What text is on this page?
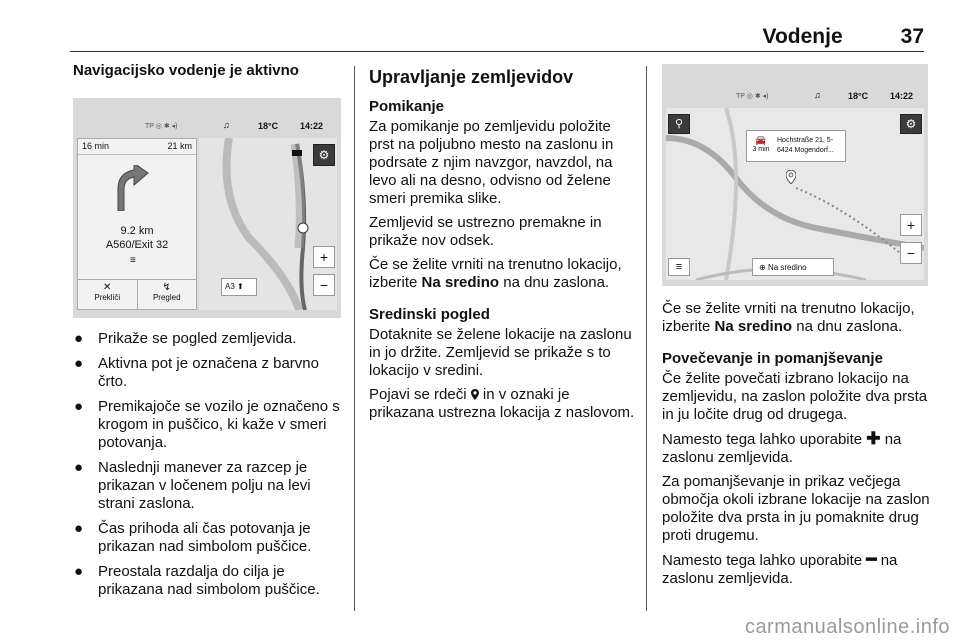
Vodenje	37
Navigacijsko vodenje je aktivno
TP ◎ ✱ ◂)	♫	18°C 14:22
16 min	21 km
9.2 km
A560/Exit 32
≡
✕
Prekliči
↯
Pregled
⚙
+
−
A3 ⬆
● Prikaže se pogled zemljevida.
● Aktivna pot je označena z barvno črto.
● Premikajoče se vozilo je označeno s krogom in puščico, ki kaže v smeri potovanja.
● Naslednji manever za razcep je prikazan v ločenem polju na levi strani zaslona.
● Čas prihoda ali čas potovanja je prikazan nad simbolom puščice.
● Preostala razdalja do cilja je prikazana nad simbolom puščice.
Upravljanje zemljevidov
Pomikanje

Za pomikanje po zemljevidu položite prst na poljubno mesto na zaslonu in podrsate z njim navzgor, navzdol, na levo ali na desno, odvisno od želene smeri premika slike.

Zemljevid se ustrezno premakne in prikaže nov odsek.

Če se želite vrniti na trenutno lokacijo, izberite Na sredino na dnu zaslona.

Sredinski pogled

Dotaknite se želene lokacije na zaslonu in jo držite. Zemljevid se prikaže s to lokacijo v sredini.

Pojavi se rdeči  in v oznaki je prikazana ustrezna lokacija z naslovom.

TP ◎ ✱ ◂)	♫	18°C 14:22
⚲	⚙
🚘
3 min
Hochstraße 21, 5-
6424 Mogendorf...
+
−
≡	⊕ Na sredino

Če se želite vrniti na trenutno lokacijo, izberite Na sredino na dnu zaslona.

Povečevanje in pomanjševanje

Če želite povečati izbrano lokacijo na zemljevidu, na zaslon položite dva prsta in ju ločite drug od drugega.

Namesto tega lahko uporabite ✚ na zaslonu zemljevida.

Za pomanjševanje in prikaz večjega območja okoli izbrane lokacije na zaslon položite dva prsta in ju pomaknite drug proti drugemu.

Namesto tega lahko uporabite ━ na zaslonu zemljevida.

carmanualsonline.info
